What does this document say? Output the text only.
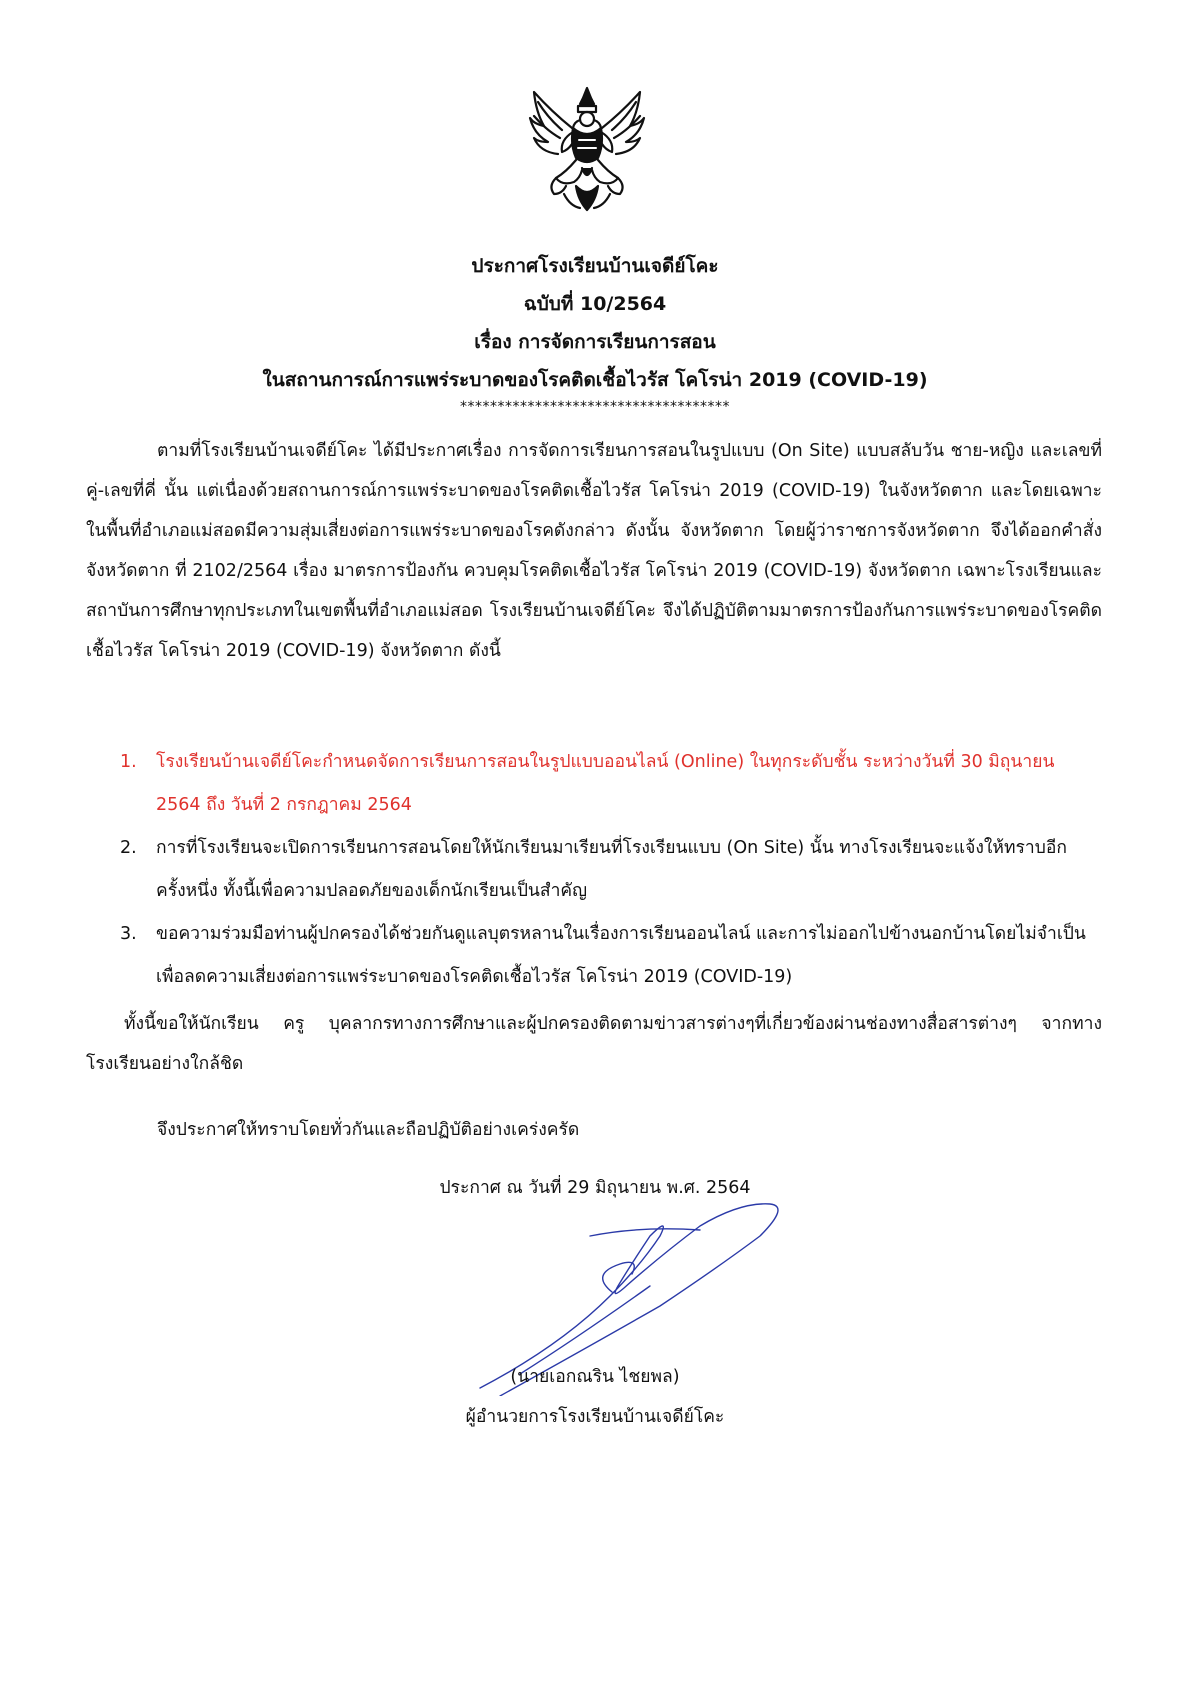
ประกาศโรงเรียนบ้านเจดีย์โคะ
ฉบับที่ 10/2564
เรื่อง การจัดการเรียนการสอน
ในสถานการณ์การแพร่ระบาดของโรคติดเชื้อไวรัส โคโรน่า 2019 (COVID-19)
************************************

ตามที่โรงเรียนบ้านเจดีย์โคะ ได้มีประกาศเรื่อง การจัดการเรียนการสอนในรูปแบบ (On Site) แบบสลับวัน ชาย-หญิง และเลขที่คู่-เลขที่คี่ นั้น แต่เนื่องด้วยสถานการณ์การแพร่ระบาดของโรคติดเชื้อไวรัส โคโรน่า 2019 (COVID-19) ในจังหวัดตาก และโดยเฉพาะในพื้นที่อำเภอแม่สอดมีความสุ่มเสี่ยงต่อการแพร่ระบาดของโรคดังกล่าว ดังนั้น จังหวัดตาก โดยผู้ว่าราชการจังหวัดตาก จึงได้ออกคำสั่งจังหวัดตาก ที่ 2102/2564 เรื่อง มาตรการป้องกัน ควบคุมโรคติดเชื้อไวรัส โคโรน่า 2019 (COVID-19) จังหวัดตาก เฉพาะโรงเรียนและสถาบันการศึกษาทุกประเภทในเขตพื้นที่อำเภอแม่สอด โรงเรียนบ้านเจดีย์โคะ จึงได้ปฏิบัติตามมาตรการป้องกันการแพร่ระบาดของโรคติดเชื้อไวรัส โคโรน่า 2019 (COVID-19) จังหวัดตาก ดังนี้

1.	โรงเรียนบ้านเจดีย์โคะกำหนดจัดการเรียนการสอนในรูปแบบออนไลน์ (Online) ในทุกระดับชั้น ระหว่างวันที่ 30 มิถุนายน 2564 ถึง วันที่ 2 กรกฎาคม 2564
2.	การที่โรงเรียนจะเปิดการเรียนการสอนโดยให้นักเรียนมาเรียนที่โรงเรียนแบบ (On Site) นั้น ทางโรงเรียนจะแจ้งให้ทราบอีกครั้งหนึ่ง ทั้งนี้เพื่อความปลอดภัยของเด็กนักเรียนเป็นสำคัญ
3.	ขอความร่วมมือท่านผู้ปกครองได้ช่วยกันดูแลบุตรหลานในเรื่องการเรียนออนไลน์ และการไม่ออกไปข้างนอกบ้านโดยไม่จำเป็นเพื่อลดความเสี่ยงต่อการแพร่ระบาดของโรคติดเชื้อไวรัส โคโรน่า 2019 (COVID-19)

ทั้งนี้ขอให้นักเรียน ครู บุคลากรทางการศึกษาและผู้ปกครองติดตามข่าวสารต่างๆที่เกี่ยวข้องผ่านช่องทางสื่อสารต่างๆ จากทางโรงเรียนอย่างใกล้ชิด

จึงประกาศให้ทราบโดยทั่วกันและถือปฏิบัติอย่างเคร่งครัด

ประกาศ ณ วันที่ 29 มิถุนายน พ.ศ. 2564
(นายเอกณริน ไชยพล)
ผู้อำนวยการโรงเรียนบ้านเจดีย์โคะ
